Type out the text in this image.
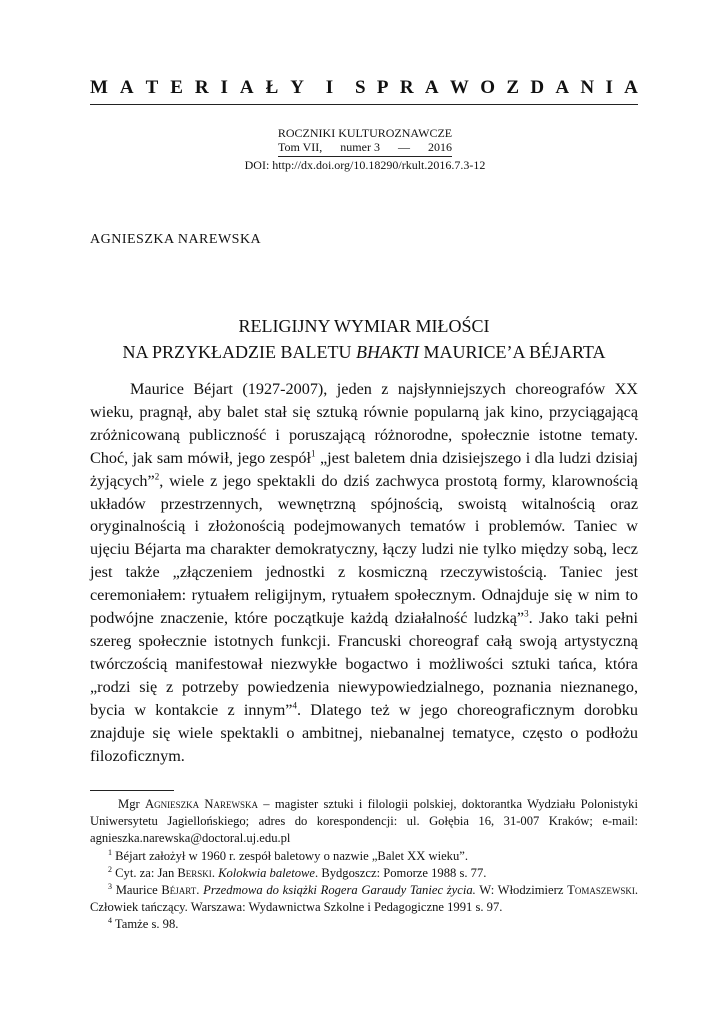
M A T E R I A Ł Y I S P R A W O Z D A N I A
ROCZNIKI KULTUROZNAWCZE
Tom VII, numer 3 — 2016
DOI: http://dx.doi.org/10.18290/rkult.2016.7.3-12
AGNIESZKA NAREWSKA
RELIGIJNY WYMIAR MIŁOŚCI
NA PRZYKŁADZIE BALETU BHAKTI MAURICE’A BÉJARTA

Maurice Béjart (1927-2007), jeden z najsłynniejszych choreografów XX wieku, pragnął, aby balet stał się sztuką równie popularną jak kino, przyciągającą zróżnicowaną publiczność i poruszającą różnorodne, społecznie istotne tematy. Choć, jak sam mówił, jego zespół$^1$ „jest baletem dnia dzisiejszego i dla ludzi dzisiaj żyjących”$^2$, wiele z jego spektakli do dziś zachwyca prostotą formy, klarownością układów przestrzennych, wewnętrzną spójnością, swoistą witalnością oraz oryginalnością i złożonością podejmowanych tematów i problemów. Taniec w ujęciu Béjarta ma charakter demokratyczny, łączy ludzi nie tylko między sobą, lecz jest także „złączeniem jednostki z kosmiczną rzeczywistością. Taniec jest ceremoniałem: rytuałem religijnym, rytuałem społecznym. Odnajduje się w nim to podwójne znaczenie, które początkuje każdą działalność ludzką”$^3$. Jako taki pełni szereg społecznie istotnych funkcji. Francuski choreograf całą swoją artystyczną twórczością manifestował niezwykłe bogactwo i możliwości sztuki tańca, która „rodzi się z potrzeby powiedzenia niewypowiedzialnego, poznania nieznanego, bycia w kontakcie z innym”$^4$. Dlatego też w jego choreograficznym dorobku znajduje się wiele spektakli o ambitnej, niebanalnej tematyce, często o podłożu filozoficznym.

Mgr Agnieszka Narewska – magister sztuki i filologii polskiej, doktorantka Wydziału Polonistyki Uniwersytetu Jagiellońskiego; adres do korespondencji: ul. Gołębia 16, 31-007 Kraków; e-mail: agnieszka.narewska@doctoral.uj.edu.pl

$^1$ Béjart założył w 1960 r. zespół baletowy o nazwie „Balet XX wieku”.

$^2$ Cyt. za: Jan Berski. Kolokwia baletowe. Bydgoszcz: Pomorze 1988 s. 77.

$^3$ Maurice Béjart. Przedmowa do książki Rogera Garaudy Taniec życia. W: Włodzimierz Tomaszewski. Człowiek tańczący. Warszawa: Wydawnictwa Szkolne i Pedagogiczne 1991 s. 97.

$^4$ Tamże s. 98.
